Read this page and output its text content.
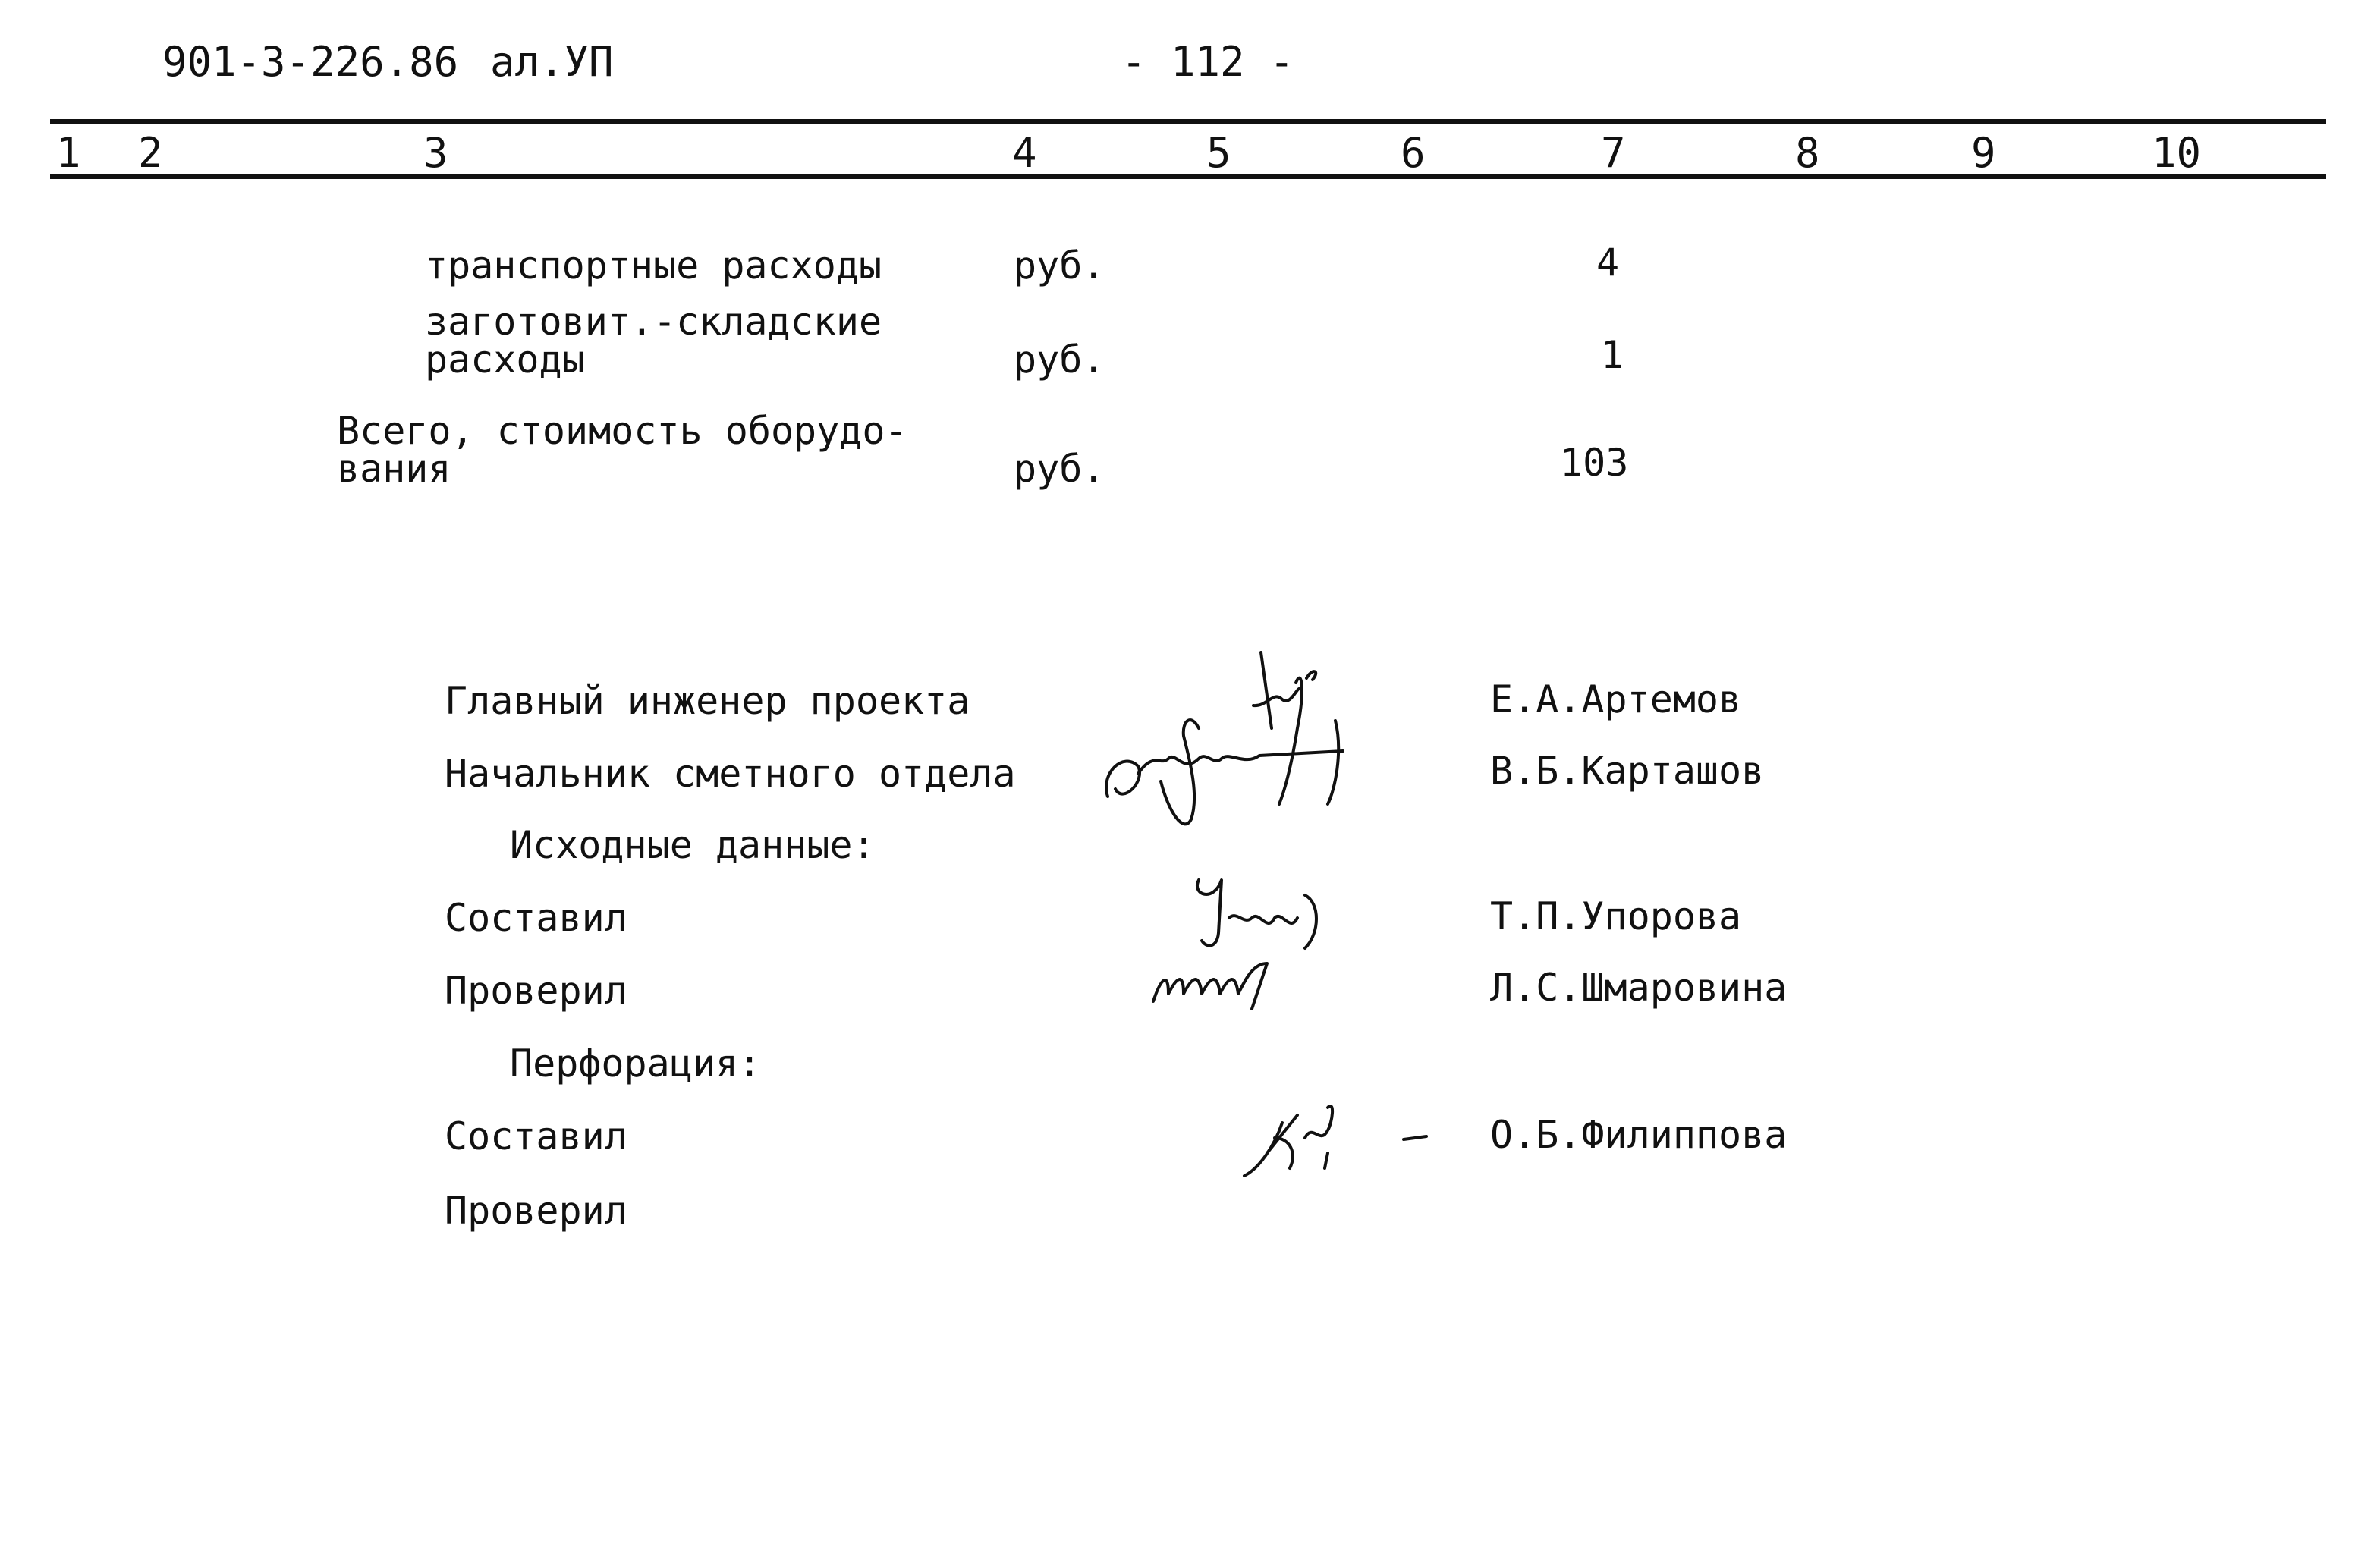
901-3-226.86 ал.УП	- 112 -
1 2	3	4	5	6	7	8	9	10
транспортные расходы	руб.	4
заготовит.-складские
расходы	руб.	1
Всего, стоимость оборудо-
вания	руб.	103
Главный инженер проекта	Е.А.Артемов
Начальник сметного отдела	В.Б.Карташов
Исходные данные:
Составил	Т.П.Упорова
Проверил	Л.С.Шмаровина
Перфорация:
Составил	О.Б.Филиппова
Проверил
